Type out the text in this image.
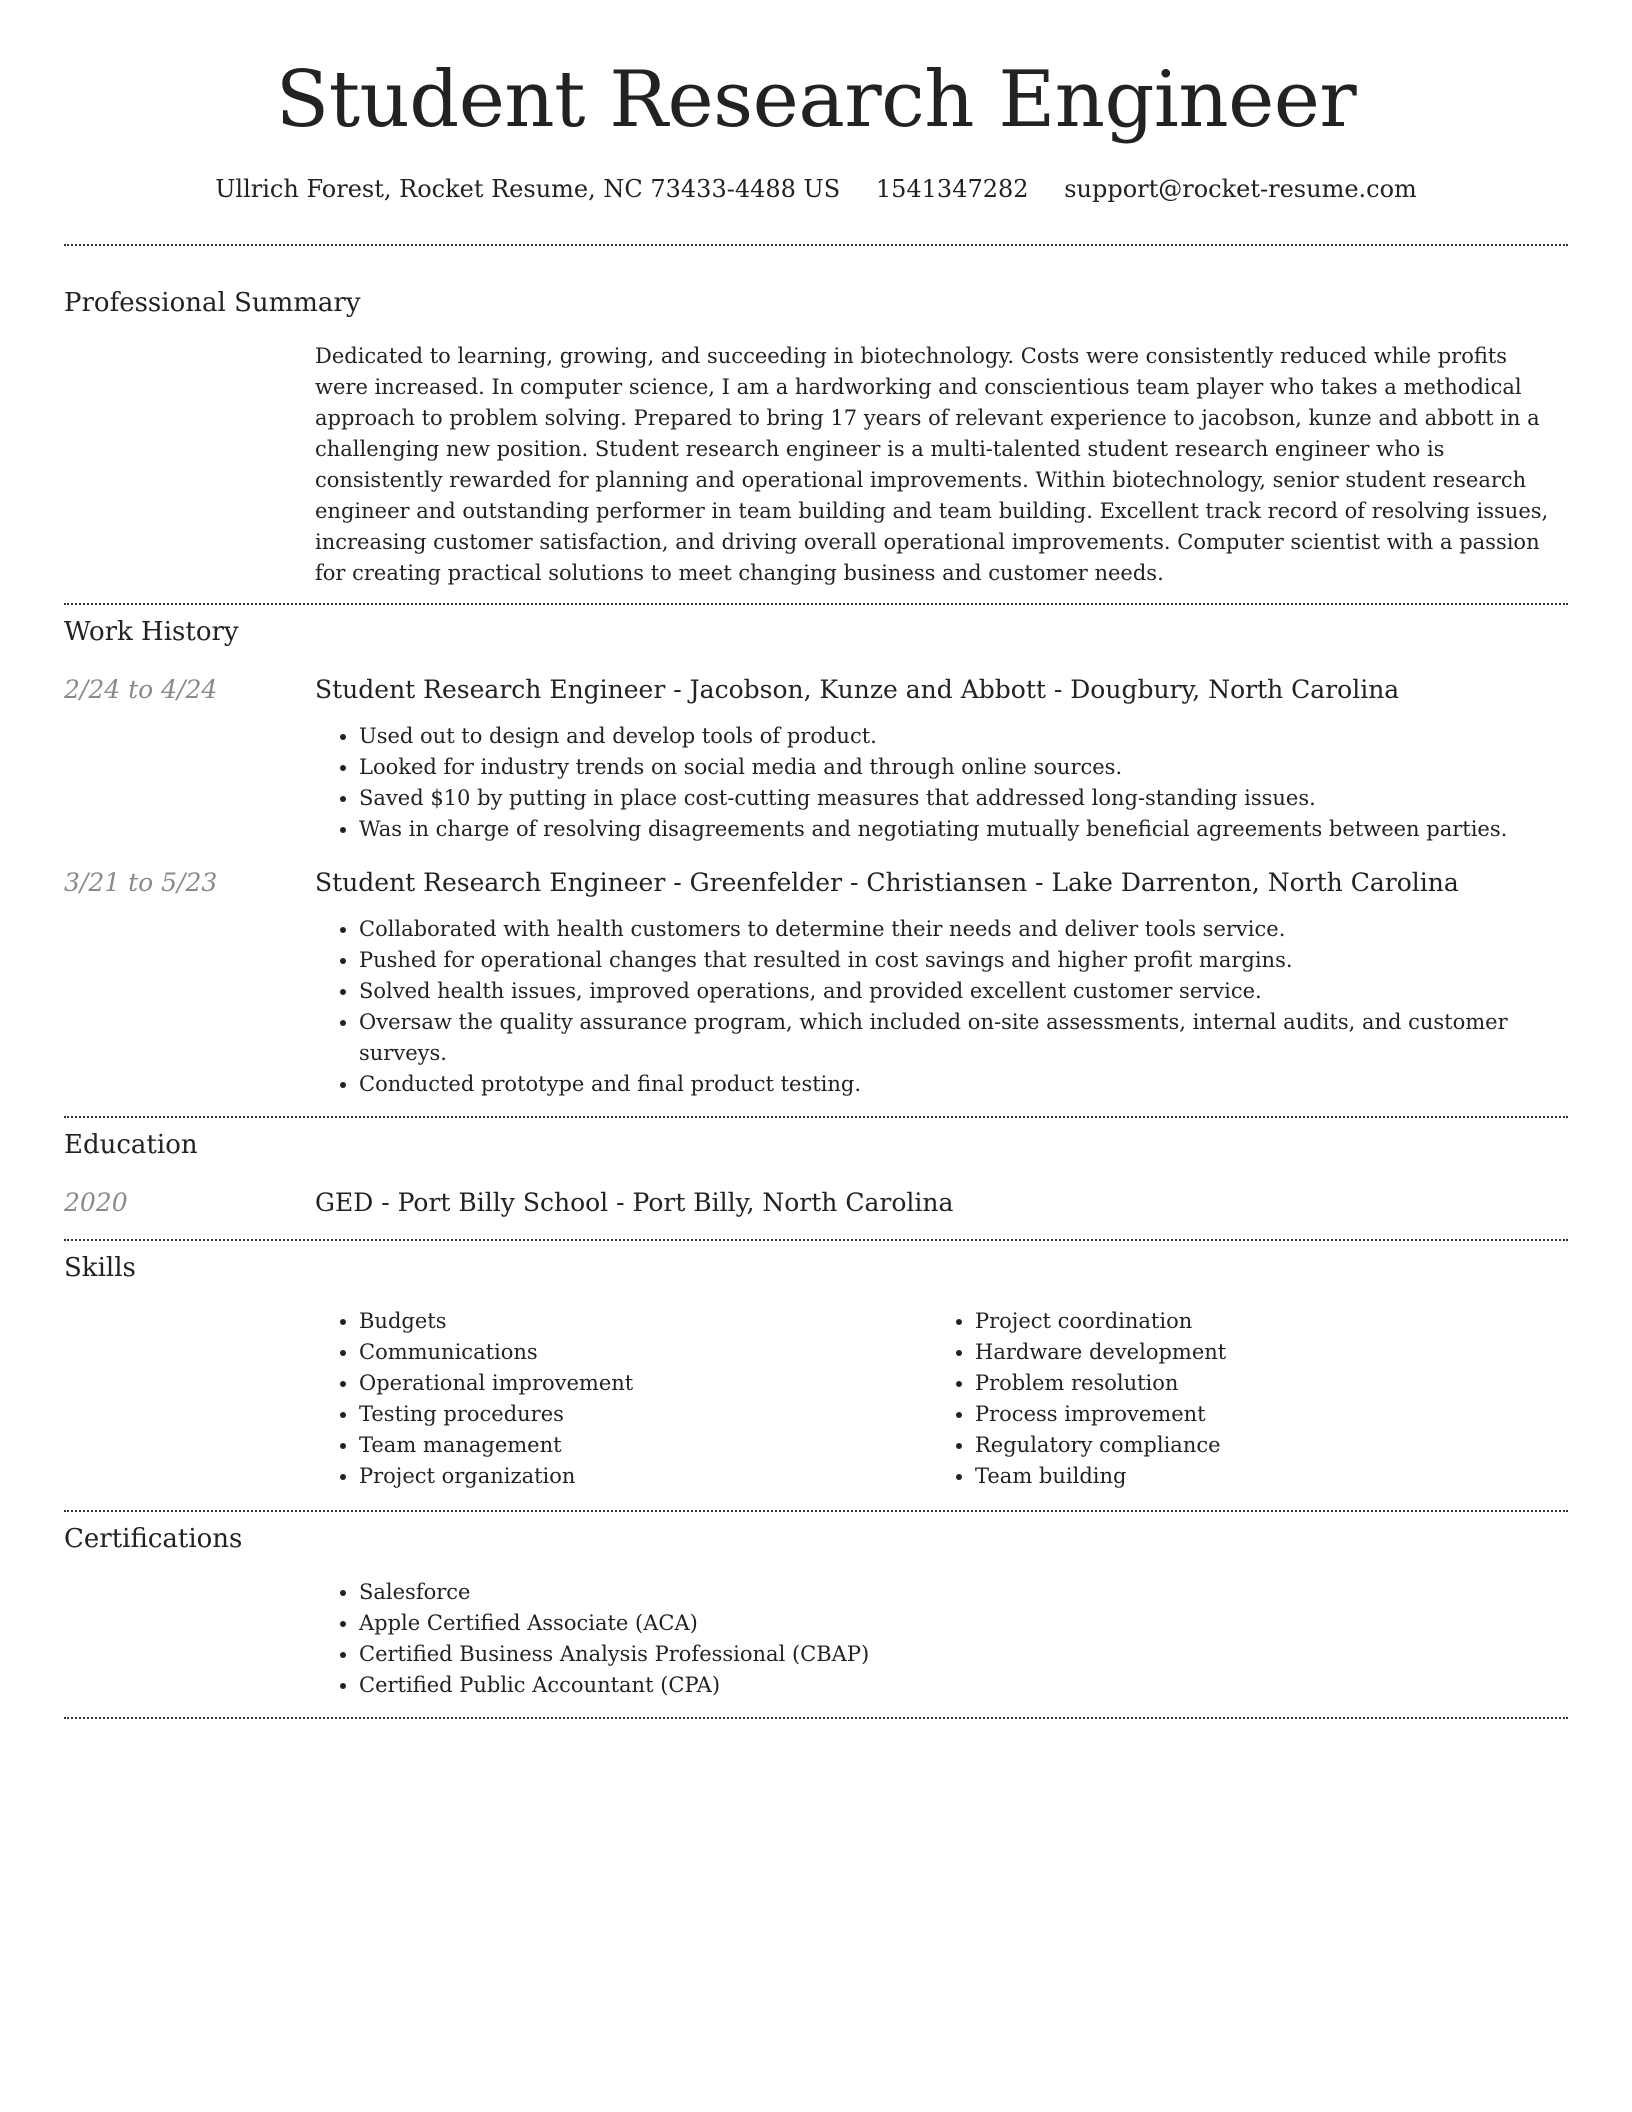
Student Research Engineer
Ullrich Forest, Rocket Resume, NC 73433-4488 US 1541347282 support@rocket-resume.com
Professional Summary

Dedicated to learning, growing, and succeeding in biotechnology. Costs were consistently reduced while profits were increased. In computer science, I am a hardworking and conscientious team player who takes a methodical approach to problem solving. Prepared to bring 17 years of relevant experience to jacobson, kunze and abbott in a challenging new position. Student research engineer is a multi-talented student research engineer who is consistently rewarded for planning and operational improvements. Within biotechnology, senior student research engineer and outstanding performer in team building and team building. Excellent track record of resolving issues, increasing customer satisfaction, and driving overall operational improvements. Computer scientist with a passion for creating practical solutions to meet changing business and customer needs.

Work History
2/24 to 4/24	Student Research Engineer - Jacobson, Kunze and Abbott - Dougbury, North Carolina
• Used out to design and develop tools of product.
• Looked for industry trends on social media and through online sources.
• Saved $10 by putting in place cost-cutting measures that addressed long-standing issues.
• Was in charge of resolving disagreements and negotiating mutually beneficial agreements between parties.
3/21 to 5/23	Student Research Engineer - Greenfelder - Christiansen - Lake Darrenton, North Carolina
• Collaborated with health customers to determine their needs and deliver tools service.
• Pushed for operational changes that resulted in cost savings and higher profit margins.
• Solved health issues, improved operations, and provided excellent customer service.
• Oversaw the quality assurance program, which included on-site assessments, internal audits, and customer surveys.
• Conducted prototype and final product testing.
Education
2020	GED - Port Billy School - Port Billy, North Carolina
Skills
• Budgets
• Communications
• Operational improvement
• Testing procedures
• Team management
• Project organization
• Project coordination
• Hardware development
• Problem resolution
• Process improvement
• Regulatory compliance
• Team building
Certifications
• Salesforce
• Apple Certified Associate (ACA)
• Certified Business Analysis Professional (CBAP)
• Certified Public Accountant (CPA)
